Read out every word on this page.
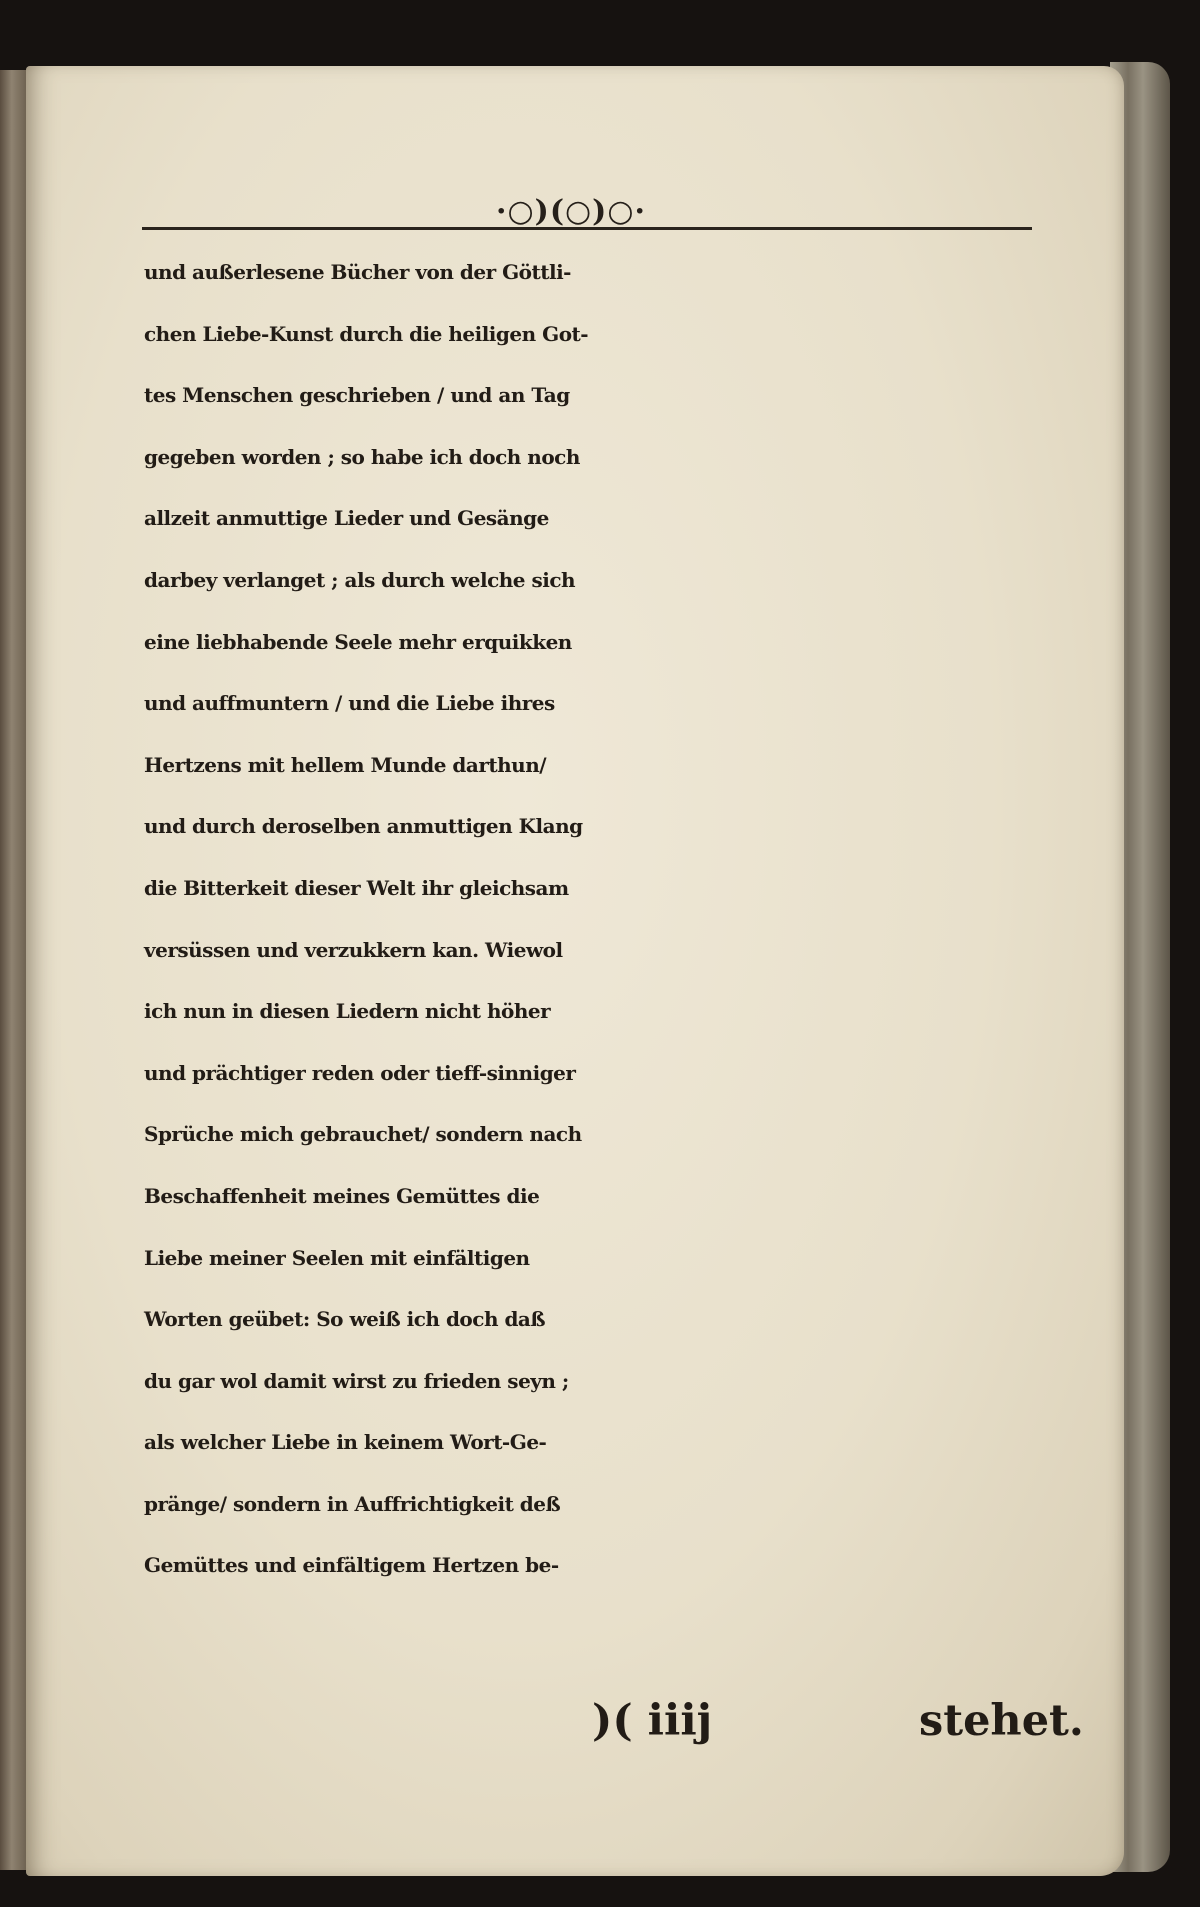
·○)(○)○·
und außerlesene Bücher von der Göttli-
chen Liebe-Kunst durch die heiligen Got-
tes Menschen geschrieben / und an Tag
gegeben worden ; so habe ich doch noch
allzeit anmuttige Lieder und Gesänge
darbey verlanget ; als durch welche sich
eine liebhabende Seele mehr erquikken
und auffmuntern / und die Liebe ihres
Hertzens mit hellem Munde darthun/
und durch deroselben anmuttigen Klang
die Bitterkeit dieser Welt ihr gleichsam
versüssen und verzukkern kan. Wiewol
ich nun in diesen Liedern nicht höher
und prächtiger reden oder tieff-sinniger
Sprüche mich gebrauchet/ sondern nach
Beschaffenheit meines Gemüttes die
Liebe meiner Seelen mit einfältigen
Worten geübet: So weiß ich doch daß
du gar wol damit wirst zu frieden seyn ;
als welcher Liebe in keinem Wort-Ge-
pränge/ sondern in Auffrichtigkeit deß
Gemüttes und einfältigem Hertzen be-
)( iiij	stehet.
